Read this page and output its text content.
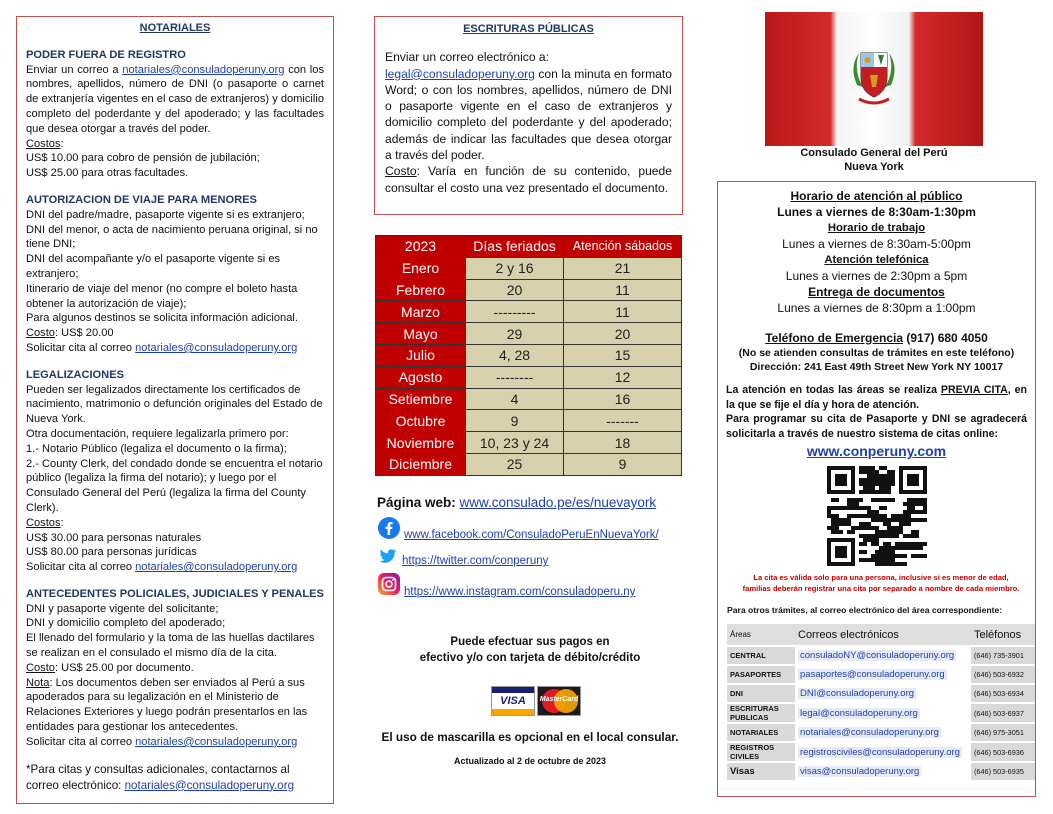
NOTARIALES
PODER FUERA DE REGISTRO
Enviar un correo a notariales@consuladoperuny.org con los nombres, apellidos, número de DNI (o pasaporte o carnet de extranjería vigentes en el caso de extranjeros) y domicilio completo del poderdante y del apoderado; y las facultades que desea otorgar a través del poder.
Costos:
US$ 10.00 para cobro de pensión de jubilación;
US$ 25.00 para otras facultades.
AUTORIZACION DE VIAJE PARA MENORES
DNI del padre/madre, pasaporte vigente si es extranjero;
DNI del menor, o acta de nacimiento peruana original, si no tiene DNI;
DNI del acompañante y/o el pasaporte vigente si es extranjero;
Itinerario de viaje del menor (no compre el boleto hasta obtener la autorización de viaje);
Para algunos destinos se solicita información adicional.
Costo: US$ 20.00
Solicitar cita al correo notariales@consuladoperuny.org
LEGALIZACIONES
Pueden ser legalizados directamente los certificados de nacimiento, matrimonio o defunción originales del Estado de Nueva York.
Otra documentación, requiere legalizarla primero por:
1.- Notario Público (legaliza el documento o la firma);
2.- County Clerk, del condado donde se encuentra el notario público (legaliza la firma del notario); y luego por el Consulado General del Perú (legaliza la firma del County Clerk).
Costos:
US$ 30.00 para personas naturales
US$ 80.00 para personas jurídicas
Solicitar cita al correo notariales@consuladoperuny.org
ANTECEDENTES POLICIALES, JUDICIALES Y PENALES
DNI y pasaporte vigente del solicitante;
DNI y domicilio completo del apoderado;
El llenado del formulario y la toma de las huellas dactilares se realizan en el consulado el mismo día de la cita.
Costo: US$ 25.00 por documento.
Nota: Los documentos deben ser enviados al Perú a sus apoderados para su legalización en el Ministerio de Relaciones Exteriores y luego podrán presentarlos en las entidades para gestionar los antecedentes.
Solicitar cita al correo notariales@consuladoperuny.org
*Para citas y consultas adicionales, contactarnos al correo electrónico: notariales@consuladoperuny.org
ESCRITURAS PÚBLICAS
Enviar un correo electrónico a:
legal@consuladoperuny.org con la minuta en formato Word; o con los nombres, apellidos, número de DNI o pasaporte vigente en el caso de extranjeros y domicilio completo del poderdante y del apoderado; además de indicar las facultades que desea otorgar a través del poder.
Costo: Varía en función de su contenido, puede consultar el costo una vez presentado el documento.
2023	Días feriados	Atención sábados
Enero	2 y 16	21
Febrero	20	11
Marzo	---------	11
Mayo	29	20
Julio	4, 28	15
Agosto	--------	12
Setiembre	4	16
Octubre	9	-------
Noviembre	10, 23 y 24	18
Diciembre	25	9
Página web: www.consulado.pe/es/nuevayork
www.facebook.com/ConsuladoPeruEnNuevaYork/
https://twitter.com/conperuny
https://www.instagram.com/consuladoperu.ny
Puede efectuar sus pagos en
efectivo y/o con tarjeta de débito/crédito
VISA	MasterCard
El uso de mascarilla es opcional en el local consular.
Actualizado al 2 de octubre de 2023
Consulado General del Perú
Nueva York
Horario de atención al público
Lunes a viernes de 8:30am-1:30pm
Horario de trabajo
Lunes a viernes de 8:30am-5:00pm
Atención telefónica
Lunes a viernes de 2:30pm a 5pm
Entrega de documentos
Lunes a viernes de 8:30pm a 1:00pm
Teléfono de Emergencia (917) 680 4050
(No se atienden consultas de trámites en este teléfono)
Dirección: 241 East 49th Street New York NY 10017
La atención en todas las áreas se realiza PREVIA CITA, en la que se fije el día y hora de atención.
Para programar su cita de Pasaporte y DNI se agradecerá solicitarla a través de nuestro sistema de citas online:
www.conperuny.com
La cita es válida solo para una persona, inclusive si es menor de edad,
familias deberán registrar una cita por separado a nombre de cada miembro.
Para otros trámites, al correo electrónico del área correspondiente:
Áreas	Correos electrónicos	Teléfonos
CENTRAL	consuladoNY@consuladoperuny.org	(646) 735-3901
PASAPORTES	pasaportes@consuladoperuny.org	(646) 503-6932
DNI	DNI@consuladoperuny.org	(646) 503-6934
ESCRITURAS PUBLICAS	legal@consuladoperuny.org	(646) 503-6937
NOTARIALES	notariales@consuladoperuny.org	(646) 975-3051
REGISTROS CIVILES	registrosciviles@consuladoperuny.org	(646) 503-6936
Visas	visas@consuladoperuny.org	(646) 503-6935
